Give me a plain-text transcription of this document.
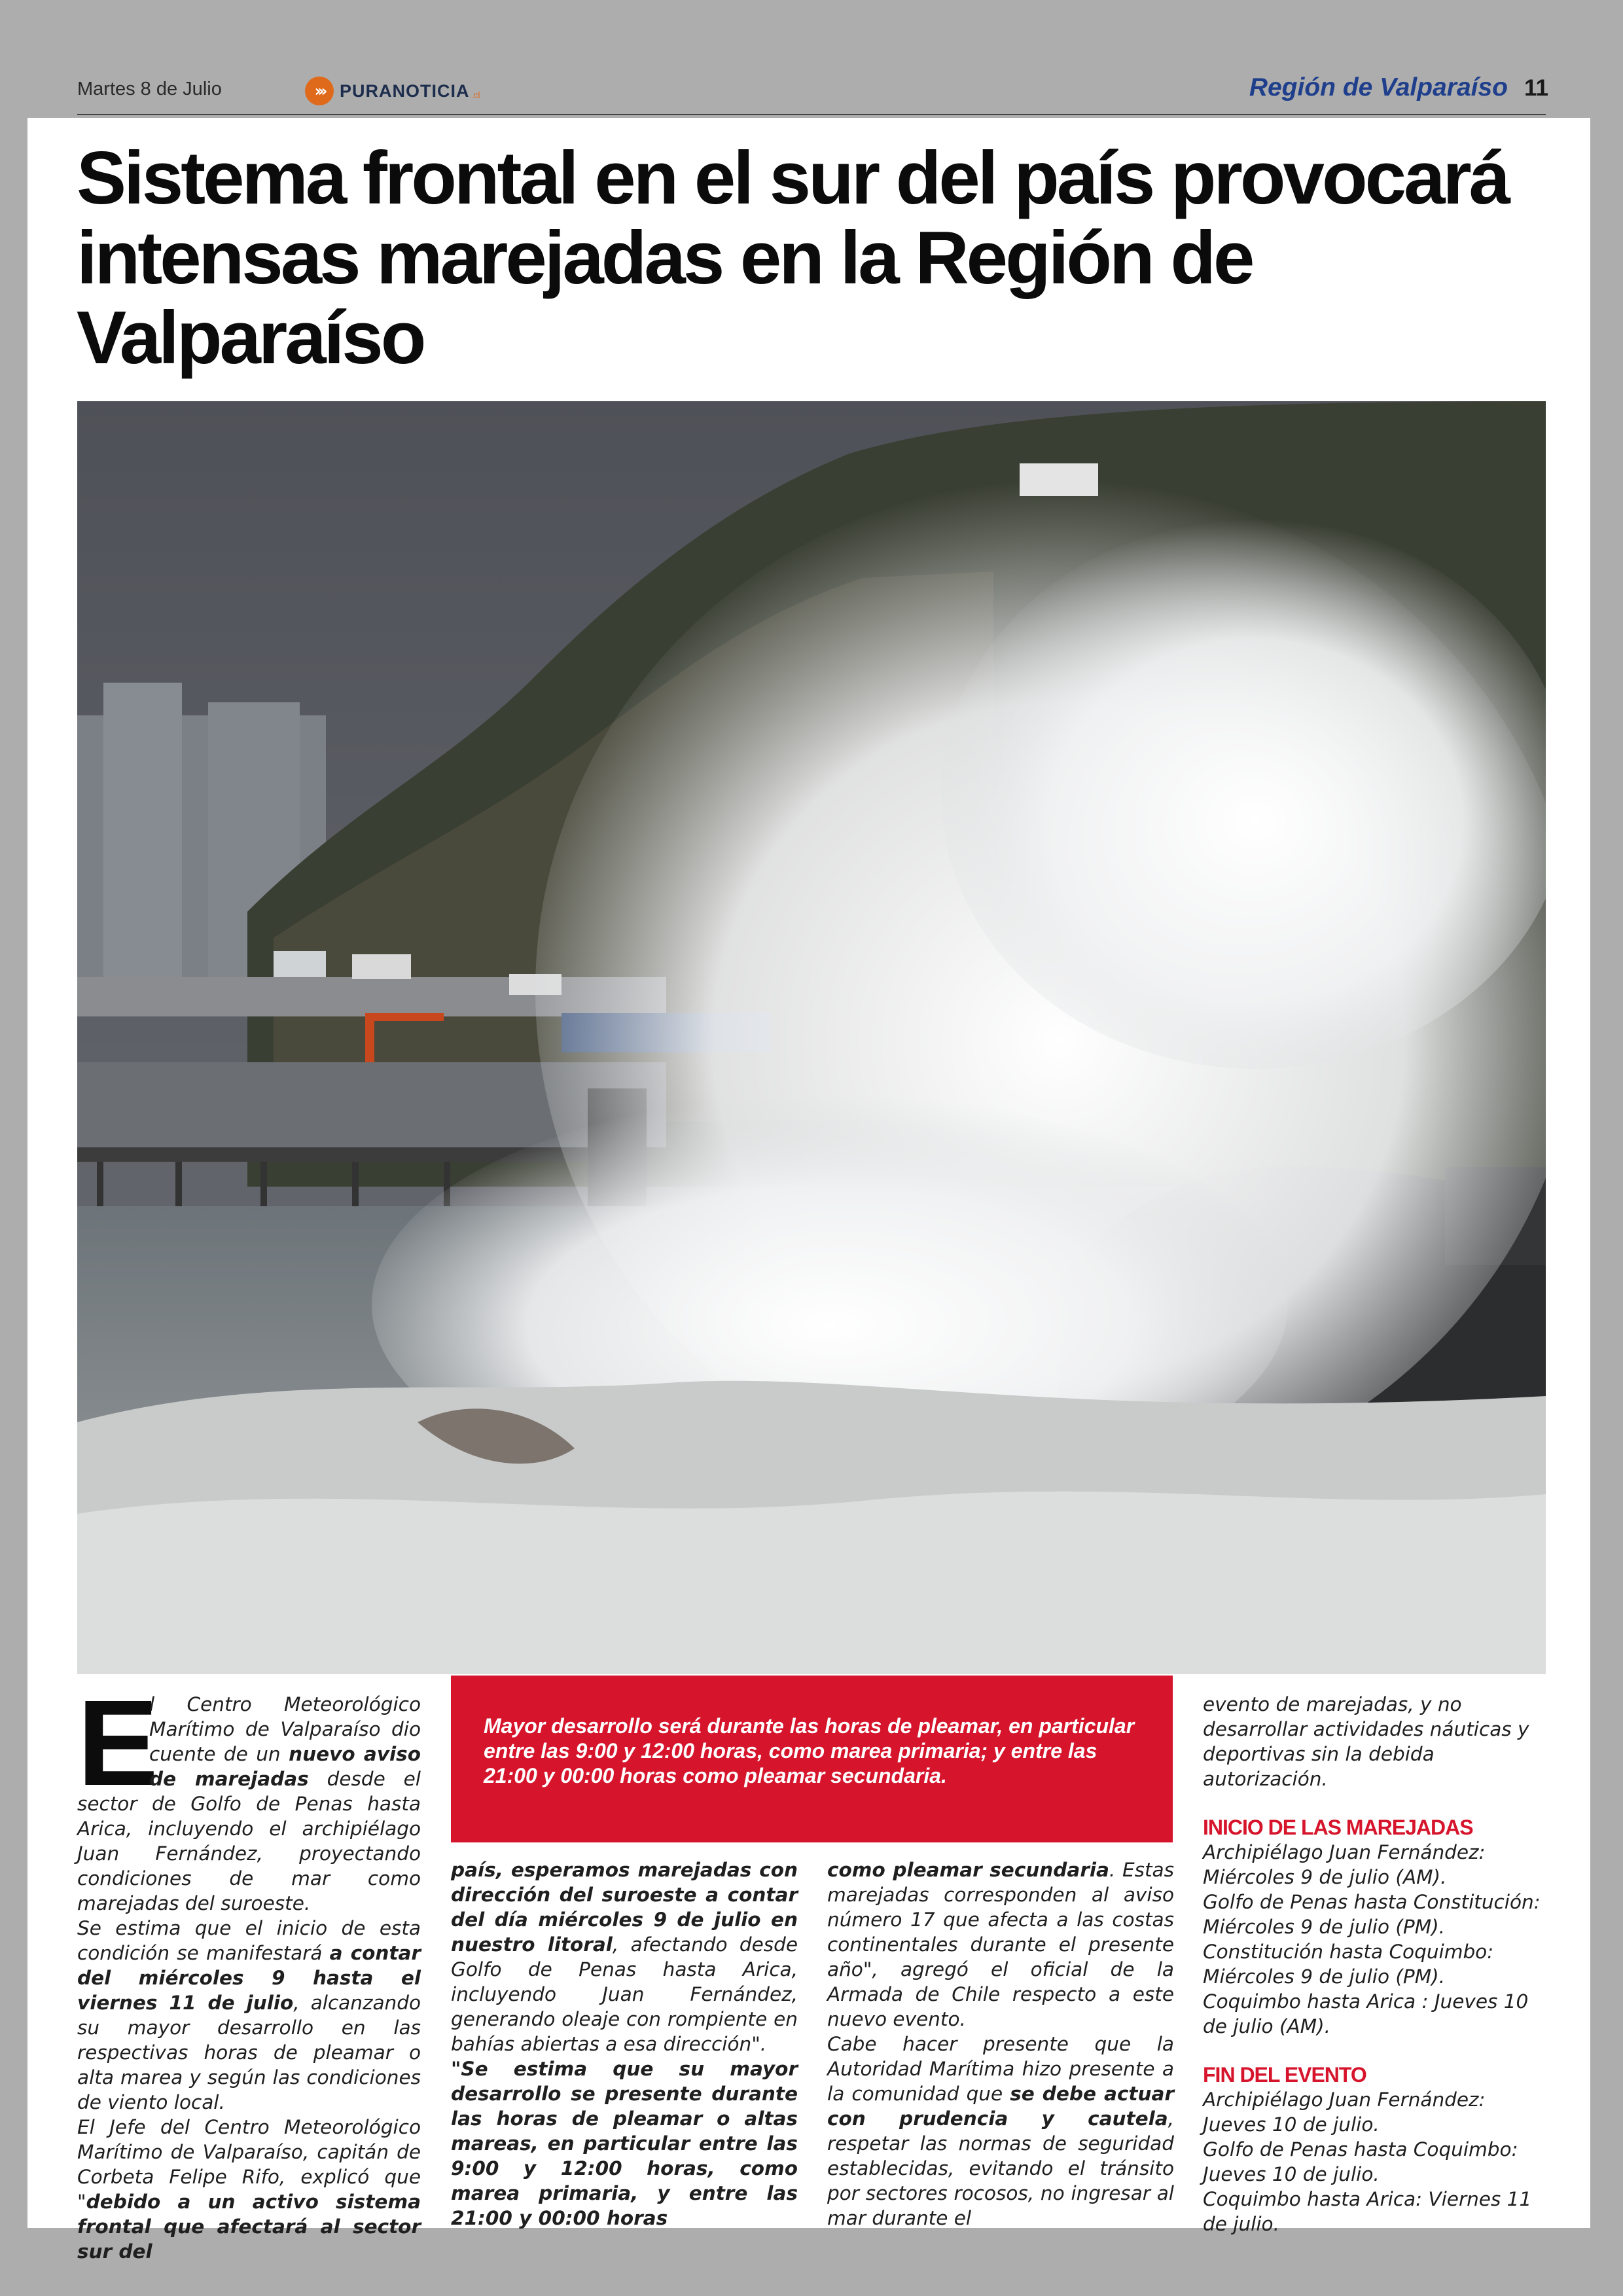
Martes 8 de Julio	››› PURANOTICIA .cl	Región de Valparaíso 11
Sistema frontal en el sur del país provocará intensas marejadas en la Región de Valparaíso
E

l Centro Meteorológico Marítimo de Valparaíso dio cuente de un nuevo aviso de marejadas desde el sector de Golfo de Penas hasta Arica, incluyendo el archipiélago Juan Fernández, proyectando condiciones de mar como marejadas del suroeste.

Se estima que el inicio de esta condición se manifestará a contar del miércoles 9 hasta el viernes 11 de julio, alcanzando su mayor desarrollo en las respectivas horas de pleamar o alta marea y según las condiciones de viento local.

El Jefe del Centro Meteorológico Marítimo de Valparaíso, capitán de Corbeta Felipe Rifo, explicó que "debido a un activo sistema frontal que afectará al sector sur del

Mayor desarrollo será durante las horas de pleamar, en particular entre las 9:00 y 12:00 horas, como marea primaria; y entre las 21:00 y 00:00 horas como pleamar secundaria.

país, esperamos marejadas con dirección del suroeste a contar del día miércoles 9 de julio en nuestro litoral, afectando desde Golfo de Penas hasta Arica, incluyendo Juan Fernández, generando oleaje con rompiente en bahías abiertas a esa dirección".

"Se estima que su mayor desarrollo se presente durante las horas de pleamar o altas mareas, en particular entre las 9:00 y 12:00 horas, como marea primaria, y entre las 21:00 y 00:00 horas

como pleamar secundaria. Estas marejadas corresponden al aviso número 17 que afecta a las costas continentales durante el presente año", agregó el oficial de la Armada de Chile respecto a este nuevo evento.

Cabe hacer presente que la Autoridad Marítima hizo presente a la comunidad que se debe actuar con prudencia y cautela, respetar las normas de seguridad establecidas, evitando el tránsito por sectores rocosos, no ingresar al mar durante el

evento de marejadas, y no desarrollar actividades náuticas y deportivas sin la debida autorización.

INICIO DE LAS MAREJADAS

Archipiélago Juan Fernández: Miércoles 9 de julio (AM).

Golfo de Penas hasta Constitución: Miércoles 9 de julio (PM).

Constitución hasta Coquimbo: Miércoles 9 de julio (PM).

Coquimbo hasta Arica : Jueves 10 de julio (AM).

FIN DEL EVENTO

Archipiélago Juan Fernández: Jueves 10 de julio.

Golfo de Penas hasta Coquimbo: Jueves 10 de julio.

Coquimbo hasta Arica: Viernes 11 de julio.
